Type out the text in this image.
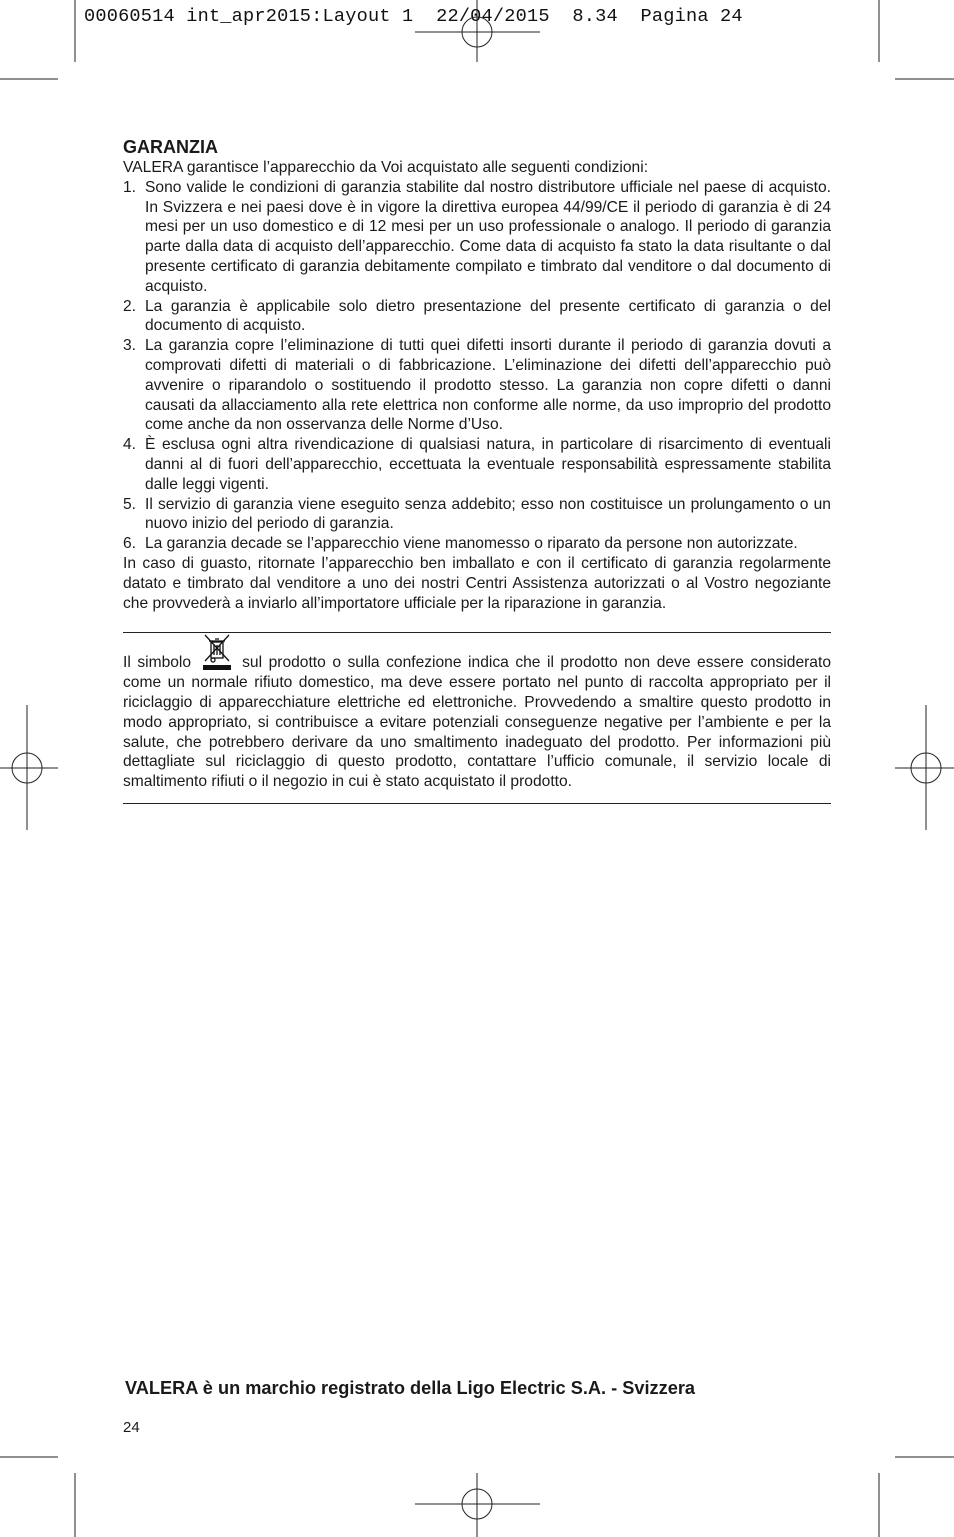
00060514 int_apr2015:Layout 1  22/04/2015  8.34  Pagina 24
GARANZIA

VALERA garantisce l’apparecchio da Voi acquistato alle seguenti condizioni:

1. Sono valide le condizioni di garanzia stabilite dal nostro distributore ufficiale nel paese di acquisto. In Svizzera e nei paesi dove è in vigore la direttiva europea 44/99/CE il periodo di garanzia è di 24 mesi per un uso domestico e di 12 mesi per un uso professionale o analogo. Il periodo di garanzia parte dalla data di acquisto dell’apparecchio. Come data di acquisto fa stato la data risultante o dal presente certificato di garanzia debitamente compilato e timbrato dal venditore o dal documento di acquisto.
2. La garanzia è applicabile solo dietro presentazione del presente certificato di garanzia o del documento di acquisto.
3. La garanzia copre l’eliminazione di tutti quei difetti insorti durante il periodo di garanzia dovuti a comprovati difetti di materiali o di fabbricazione. L’eliminazione dei difetti dell’apparecchio può avvenire o riparandolo o sostituendo il prodotto stesso. La garanzia non copre difetti o danni causati da allacciamento alla rete elettrica non conforme alle norme, da uso improprio del prodotto come anche da non osservanza delle Norme d’Uso.
4. È esclusa ogni altra rivendicazione di qualsiasi natura, in particolare di risarcimento di eventuali danni al di fuori dell’apparecchio, eccettuata la eventuale responsabilità espressamente stabilita dalle leggi vigenti.
5. Il servizio di garanzia viene eseguito senza addebito; esso non costituisce un prolungamento o un nuovo inizio del periodo di garanzia.
6. La garanzia decade se l’apparecchio viene manomesso o riparato da persone non autorizzate.

In caso di guasto, ritornate l’apparecchio ben imballato e con il certificato di garanzia regolarmente datato e timbrato dal venditore a uno dei nostri Centri Assistenza autorizzati o al Vostro negoziante che provvederà a inviarlo all’importatore ufficiale per la riparazione in garanzia.

Il simbolo	sul prodotto o sulla confezione indica che il prodotto non deve essere considerato come un normale rifiuto domestico, ma deve essere portato nel punto di raccolta appropriato per il riciclaggio di apparecchiature elettriche ed elettroniche. Provvedendo a smaltire questo prodotto in modo appropriato, si contribuisce a evitare potenziali conseguenze negative per l’ambiente e per la salute, che potrebbero derivare da uno smaltimento inadeguato del prodotto. Per informazioni più dettagliate sul riciclaggio di questo prodotto, contattare l’ufficio comunale, il servizio locale di smaltimento rifiuti o il negozio in cui è stato acquistato il prodotto.

VALERA è un marchio registrato della Ligo Electric S.A. - Svizzera
24
